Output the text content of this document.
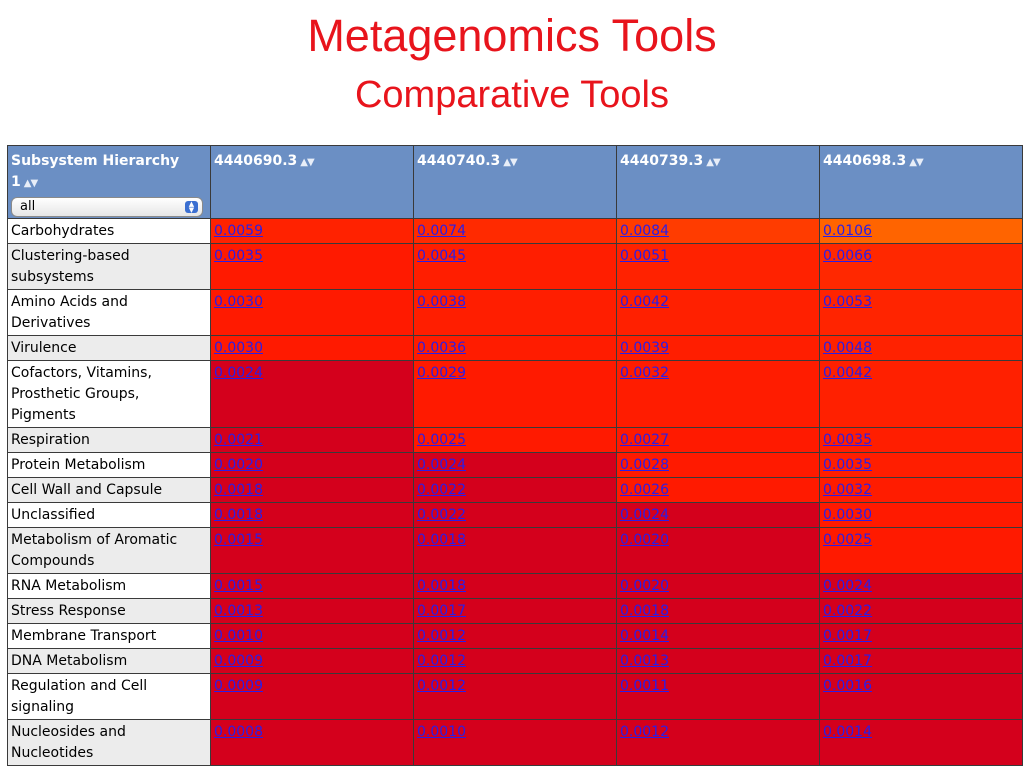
Metagenomics Tools
Comparative Tools
Subsystem Hierarchy 1 ▲▼
all ▲
▼	4440690.3 ▲▼	4440740.3 ▲▼	4440739.3 ▲▼	4440698.3 ▲▼
Carbohydrates	0.0059	0.0074	0.0084	0.0106
Clustering-based subsystems	0.0035	0.0045	0.0051	0.0066
Amino Acids and Derivatives	0.0030	0.0038	0.0042	0.0053
Virulence	0.0030	0.0036	0.0039	0.0048
Cofactors, Vitamins, Prosthetic Groups, Pigments	0.0024	0.0029	0.0032	0.0042
Respiration	0.0021	0.0025	0.0027	0.0035
Protein Metabolism	0.0020	0.0024	0.0028	0.0035
Cell Wall and Capsule	0.0018	0.0022	0.0026	0.0032
Unclassified	0.0018	0.0022	0.0024	0.0030
Metabolism of Aromatic Compounds	0.0015	0.0018	0.0020	0.0025
RNA Metabolism	0.0015	0.0018	0.0020	0.0024
Stress Response	0.0013	0.0017	0.0018	0.0022
Membrane Transport	0.0010	0.0012	0.0014	0.0017
DNA Metabolism	0.0009	0.0012	0.0013	0.0017
Regulation and Cell signaling	0.0009	0.0012	0.0011	0.0016
Nucleosides and Nucleotides	0.0008	0.0010	0.0012	0.0014
